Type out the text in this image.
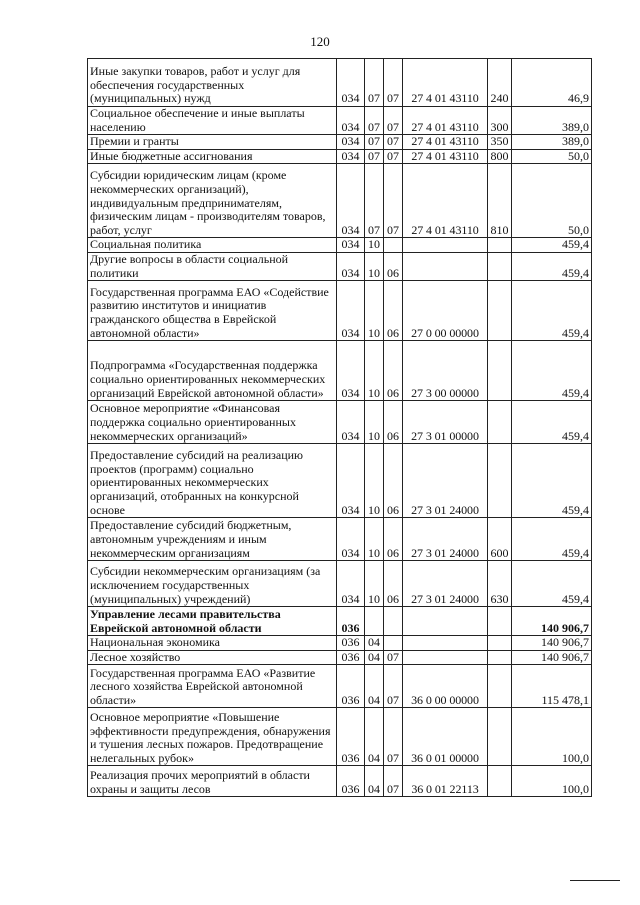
120
Иные закупки товаров, работ и услуг для обеспечения государственных (муниципальных) нужд	034	07	07	27 4 01 43110	240	46,9
Социальное обеспечение и иные выплаты населению	034	07	07	27 4 01 43110	300	389,0
Премии и гранты	034	07	07	27 4 01 43110	350	389,0
Иные бюджетные ассигнования	034	07	07	27 4 01 43110	800	50,0
Субсидии юридическим лицам (кроме некоммерческих организаций), индивидуальным предпринимателям, физическим лицам - производителям товаров, работ, услуг	034	07	07	27 4 01 43110	810	50,0
Социальная политика	034	10				459,4
Другие вопросы в области социальной политики	034	10	06			459,4
Государственная программа ЕАО «Содействие развитию институтов и инициатив гражданского общества в Еврейской автономной области»	034	10	06	27 0 00 00000		459,4
Подпрограмма «Государственная поддержка социально ориентированных некоммерческих организаций Еврейской автономной области»	034	10	06	27 3 00 00000		459,4
Основное мероприятие «Финансовая поддержка социально ориентированных некоммерческих организаций»	034	10	06	27 3 01 00000		459,4
Предоставление субсидий на реализацию проектов (программ) социально ориентированных некоммерческих организаций, отобранных на конкурсной основе	034	10	06	27 3 01 24000		459,4
Предоставление субсидий бюджетным, автономным учреждениям и иным некоммерческим организациям	034	10	06	27 3 01 24000	600	459,4
Субсидии некоммерческим организациям (за исключением государственных (муниципальных) учреждений)	034	10	06	27 3 01 24000	630	459,4
Управление лесами правительства Еврейской автономной области	036					140 906,7
Национальная экономика	036	04				140 906,7
Лесное хозяйство	036	04	07			140 906,7
Государственная программа ЕАО «Развитие лесного хозяйства Еврейской автономной области»	036	04	07	36 0 00 00000		115 478,1
Основное мероприятие «Повышение эффективности предупреждения, обнаружения и тушения лесных пожаров. Предотвращение нелегальных рубок»	036	04	07	36 0 01 00000		100,0
Реализация прочих мероприятий в области охраны и защиты лесов	036	04	07	36 0 01 22113		100,0
